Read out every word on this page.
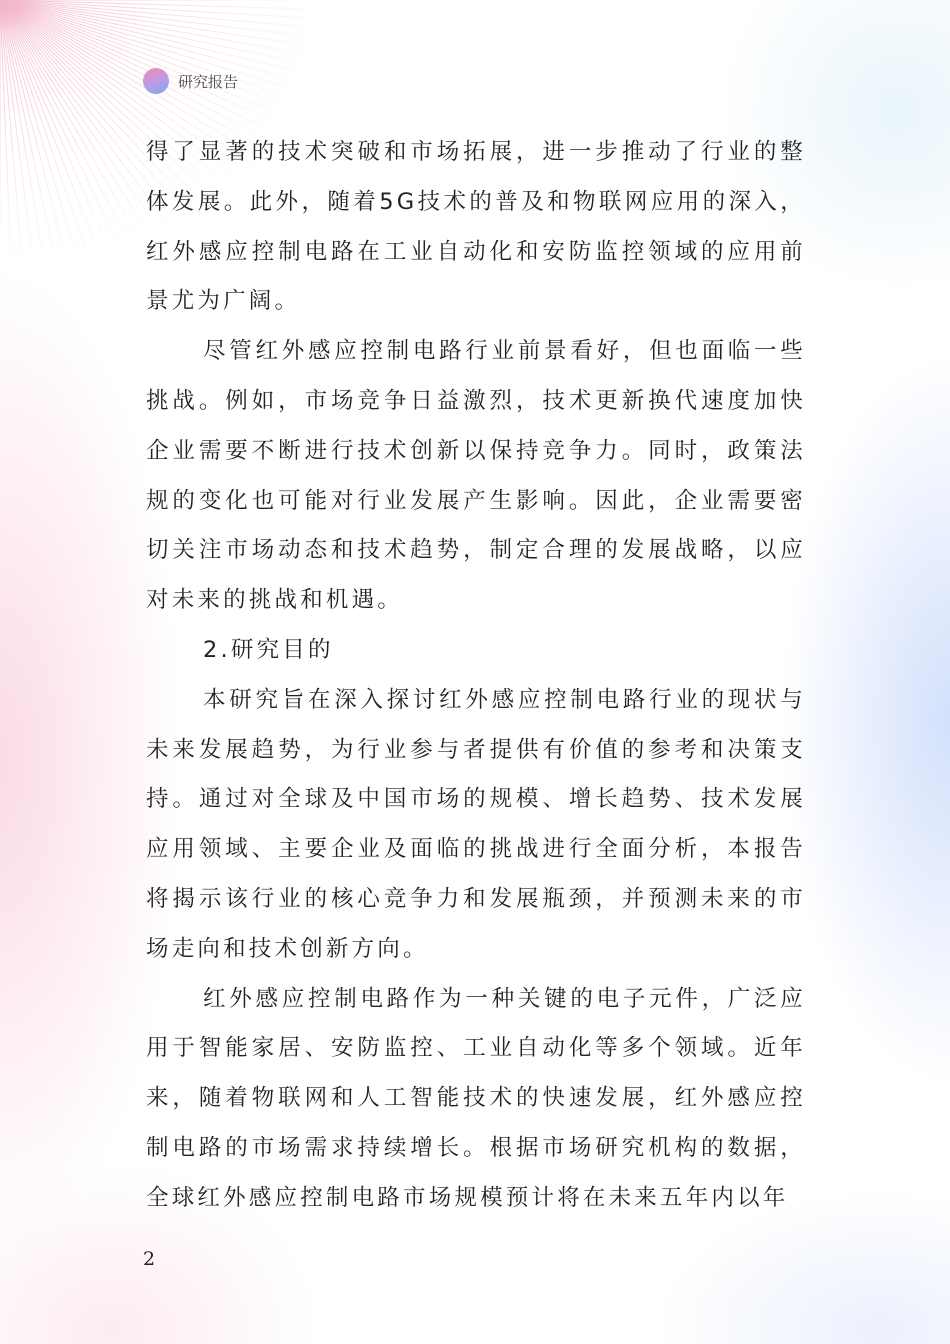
研究报告

得了显著的技术突破和市场拓展，进一步推动了行业的整体发展。此外，随着5G技术的普及和物联网应用的深入，红外感应控制电路在工业自动化和安防监控领域的应用前景尤为广阔。

尽管红外感应控制电路行业前景看好，但也面临一些挑战。例如，市场竞争日益激烈，技术更新换代速度加快企业需要不断进行技术创新以保持竞争力。同时，政策法规的变化也可能对行业发展产生影响。因此，企业需要密切关注市场动态和技术趋势，制定合理的发展战略，以应对未来的挑战和机遇。

2.研究目的

本研究旨在深入探讨红外感应控制电路行业的现状与未来发展趋势，为行业参与者提供有价值的参考和决策支持。通过对全球及中国市场的规模、增长趋势、技术发展应用领域、主要企业及面临的挑战进行全面分析，本报告将揭示该行业的核心竞争力和发展瓶颈，并预测未来的市场走向和技术创新方向。

红外感应控制电路作为一种关键的电子元件，广泛应用于智能家居、安防监控、工业自动化等多个领域。近年来，随着物联网和人工智能技术的快速发展，红外感应控制电路的市场需求持续增长。根据市场研究机构的数据，全球红外感应控制电路市场规模预计将在未来五年内以年

2
